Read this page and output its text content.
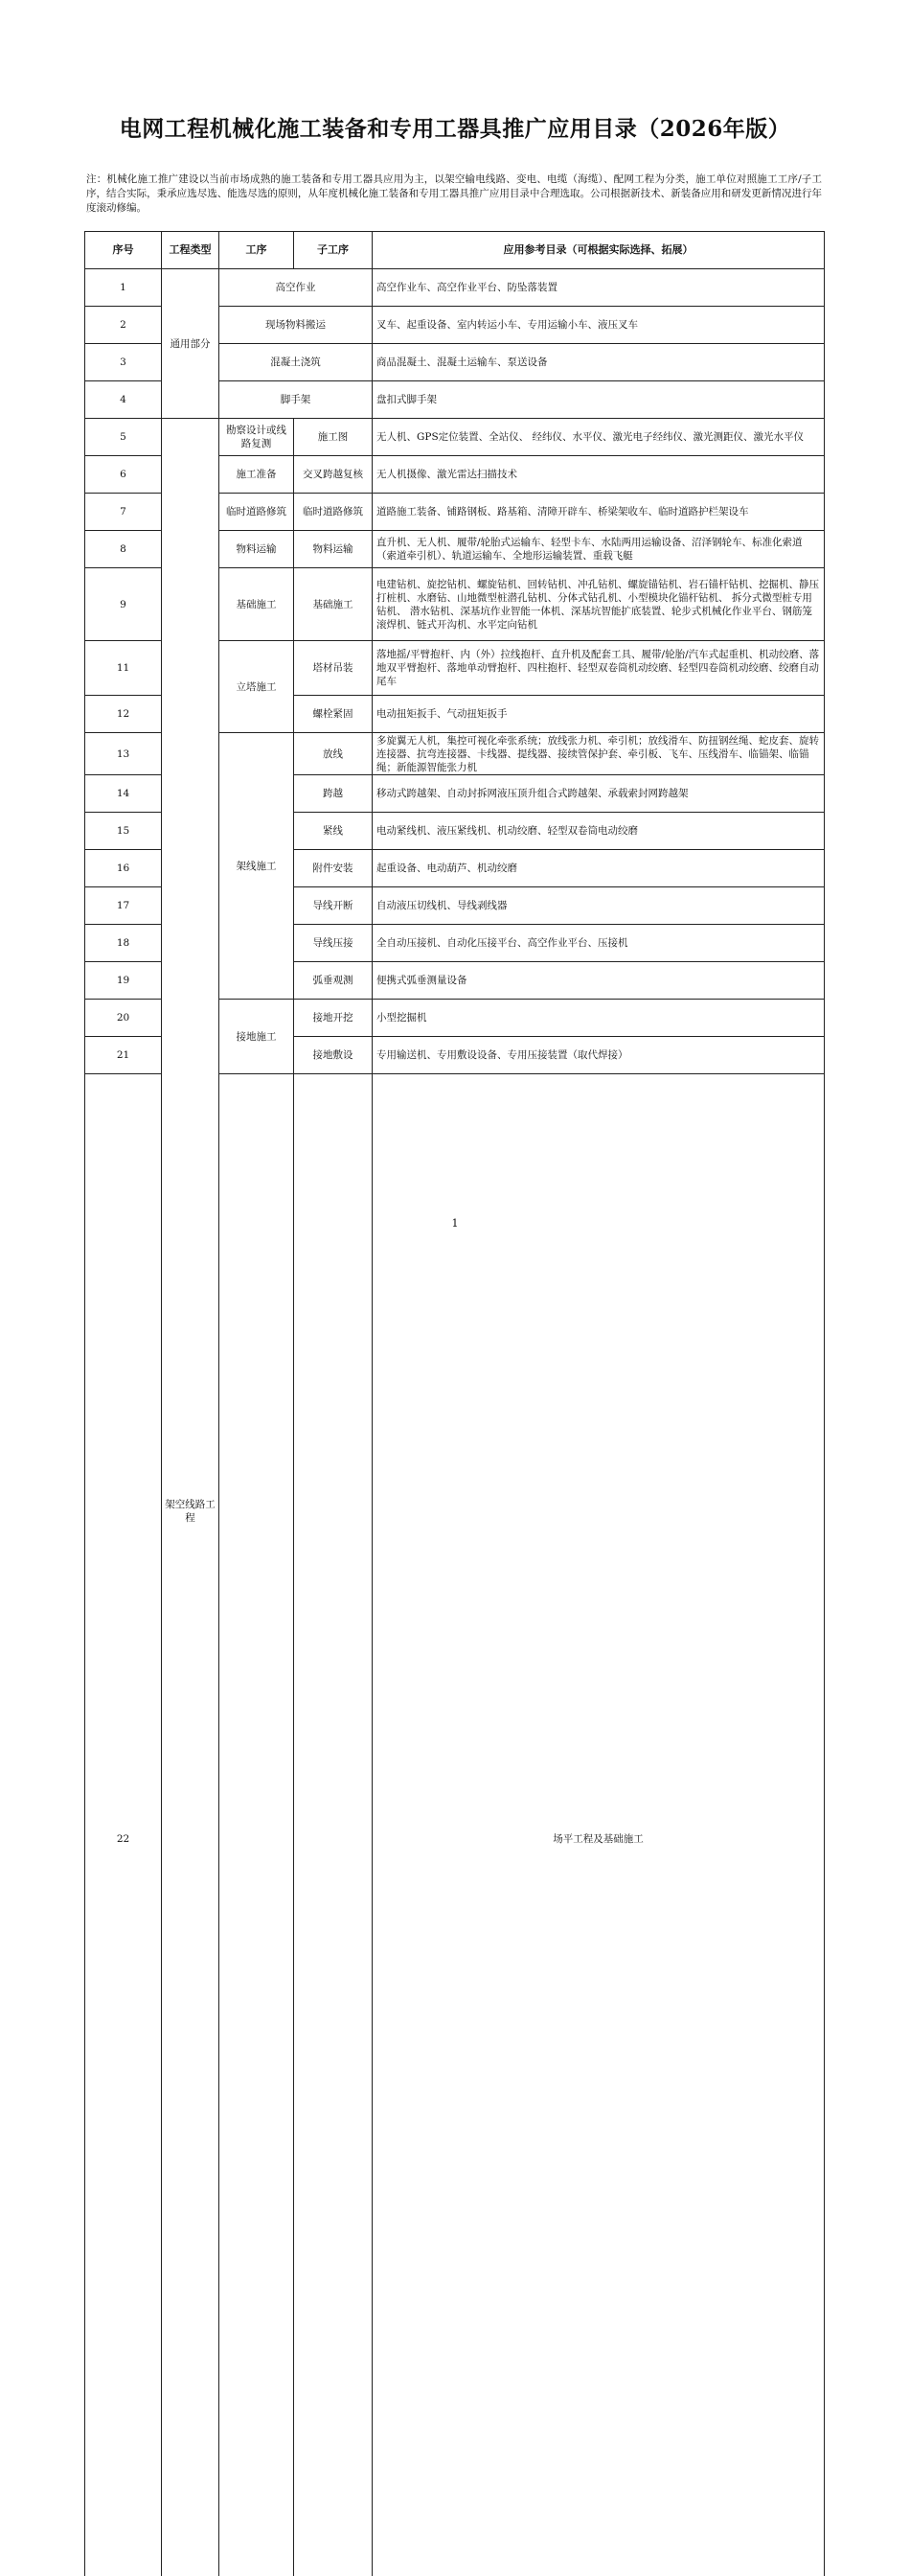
电网工程机械化施工装备和专用工器具推广应用目录（2026年版）
注：机械化施工推广建设以当前市场成熟的施工装备和专用工器具应用为主，以架空输电线路、变电、电缆（海缆）、配网工程为分类，施工单位对照施工工序/子工序，结合实际，秉承应选尽选、能选尽选的原则，从年度机械化施工装备和专用工器具推广应用目录中合理选取。公司根据新技术、新装备应用和研发更新情况进行年度滚动修编。
序号	工程类型	工序	子工序	应用参考目录（可根据实际选择、拓展）	
1	通用部分	高空作业		高空作业车、高空作业平台、防坠落装置	
2		现场物料搬运		叉车、起重设备、室内转运小车、专用运输小车、液压叉车	
3		混凝土浇筑		商品混凝土、混凝土运输车、泵送设备	
4		脚手架		盘扣式脚手架	
5	架空线路工程	勘察设计或线路复测	施工图	无人机、GPS定位装置、全站仪、 经纬仪、水平仪、激光电子经纬仪、激光测距仪、激光水平仪	
6		施工准备	交叉跨越复核	无人机摄像、激光雷达扫描技术	
7		临时道路修筑	临时道路修筑	道路施工装备、铺路钢板、路基箱、清障开辟车、桥梁架收车、临时道路护栏架设车	
8		物料运输	物料运输	直升机、无人机、履带/轮胎式运输车、轻型卡车、水陆两用运输设备、沼泽钢轮车、标准化索道（索道牵引机）、轨道运输车、全地形运输装置、重载飞艇	
9		基础施工	基础施工	电建钻机、旋挖钻机、螺旋钻机、回转钻机、冲孔钻机、螺旋锚钻机、岩石锚杆钻机、挖掘机、静压打桩机、水磨钻、山地微型桩潜孔钻机、分体式钻孔机、小型模块化锚杆钻机、 拆分式微型桩专用钻机、 潜水钻机、深基坑作业智能一体机、深基坑智能扩底装置、轮步式机械化作业平台、钢筋笼滚焊机、链式开沟机、水平定向钻机	
11		立塔施工	塔材吊装	落地摇/平臂抱杆、内（外）拉线抱杆、直升机及配套工具、履带/轮胎/汽车式起重机、机动绞磨、落地双平臂抱杆、落地单动臂抱杆、四柱抱杆、轻型双卷筒机动绞磨、轻型四卷筒机动绞磨、绞磨自动尾车	
12			螺栓紧固	电动扭矩扳手、气动扭矩扳手	
13		架线施工	放线	多旋翼无人机，集控可视化牵张系统；放线张力机、牵引机；放线滑车、防扭钢丝绳、蛇皮套、旋转连接器、抗弯连接器、卡线器、提线器、接续管保护套、牵引板、飞车、压线滑车、临锚架、临锚绳；新能源智能张力机	
14			跨越	移动式跨越架、自动封拆网液压顶升组合式跨越架、承载索封网跨越架	
15			紧线	电动紧线机、液压紧线机、机动绞磨、轻型双卷筒电动绞磨	
16			附件安装	起重设备、电动葫芦、机动绞磨	
17			导线开断	自动液压切线机、导线剥线器	
18			导线压接	全自动压接机、自动化压接平台、高空作业平台、压接机	
19			弧垂观测	便携式弧垂测量设备	
20		接地施工	接地开挖	小型挖掘机	
21			接地敷设	专用输送机、专用敷设设备、专用压接装置（取代焊接）	
22				场平工程及基础施工	
1
